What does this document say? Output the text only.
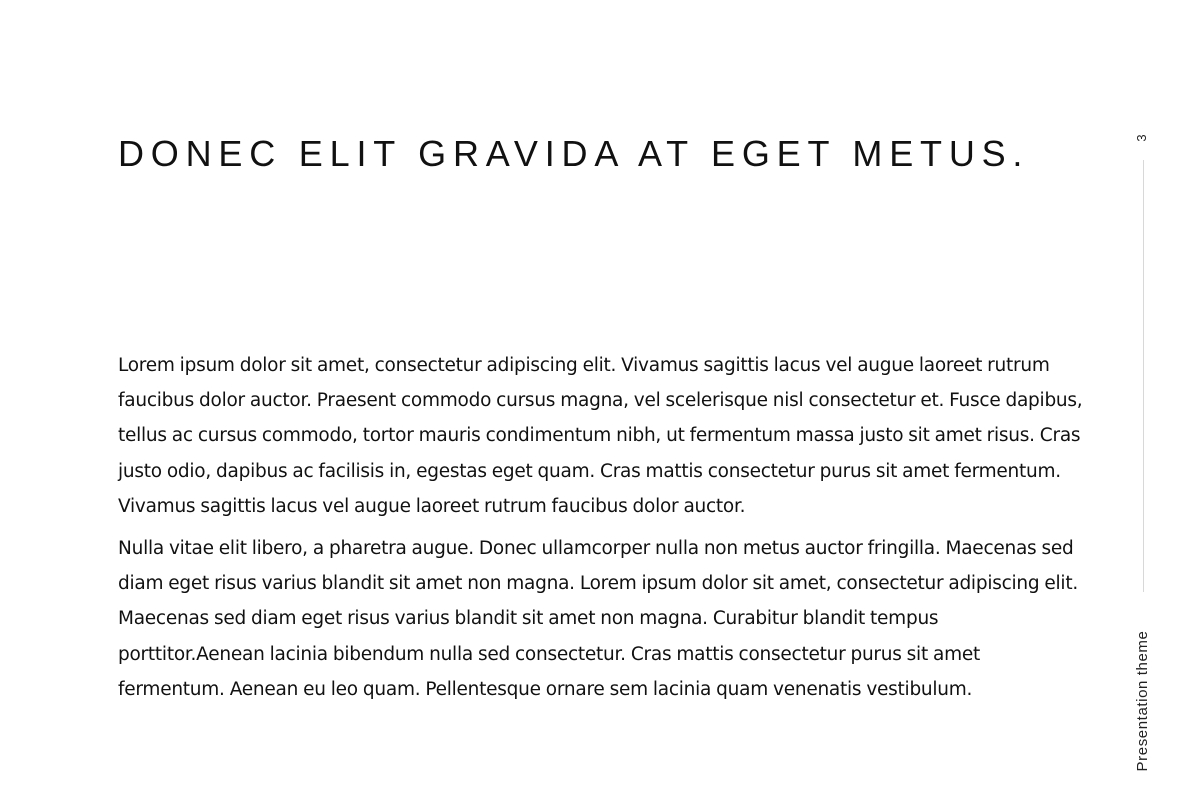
DONEC ELIT GRAVIDA AT EGET METUS.

Lorem ipsum dolor sit amet, consectetur adipiscing elit. Vivamus sagittis lacus vel augue laoreet rutrum faucibus dolor auctor. Praesent commodo cursus magna, vel scelerisque nisl consectetur et. Fusce dapibus, tellus ac cursus commodo, tortor mauris condimentum nibh, ut fermentum massa justo sit amet risus. Cras justo odio, dapibus ac facilisis in, egestas eget quam. Cras mattis consectetur purus sit amet fermentum. Vivamus sagittis lacus vel augue laoreet rutrum faucibus dolor auctor.

Nulla vitae elit libero, a pharetra augue. Donec ullamcorper nulla non metus auctor fringilla. Maecenas sed diam eget risus varius blandit sit amet non magna. Lorem ipsum dolor sit amet, consectetur adipiscing elit. Maecenas sed diam eget risus varius blandit sit amet non magna. Curabitur blandit tempus porttitor.Aenean lacinia bibendum nulla sed consectetur. Cras mattis consectetur purus sit amet fermentum. Aenean eu leo quam. Pellentesque ornare sem lacinia quam venenatis vestibulum.

3
Presentation theme
